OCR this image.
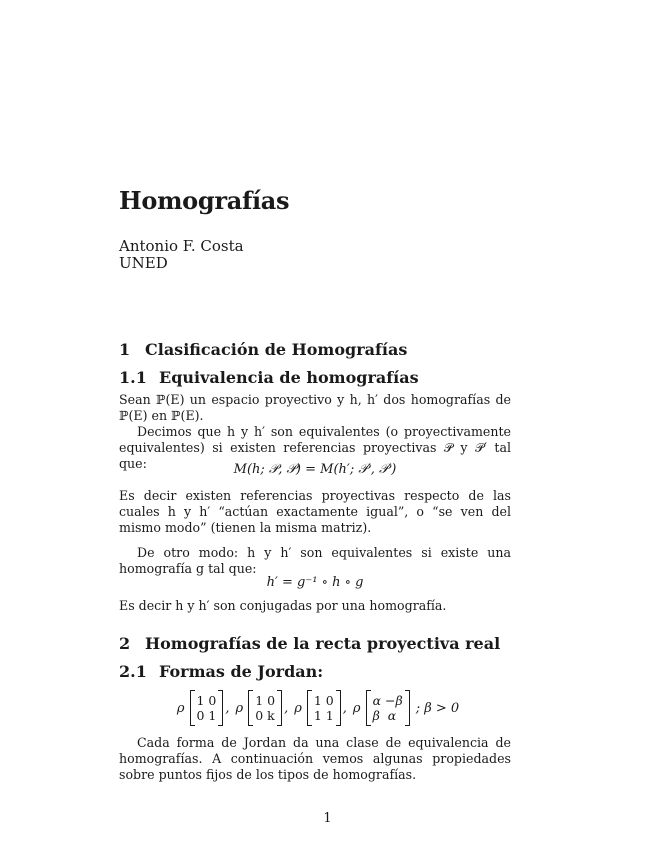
Homografías
Antonio F. Costa
UNED
1 Clasificación de Homografías
1.1 Equivalencia de homografías

Sean ℙ(E) un espacio proyectivo y h, h′ dos homografías de ℙ(E) en ℙ(E).

Decimos que h y h′ son equivalentes (o proyectivamente equivalentes) si existen referencias proyectivas 𝒫 y 𝒫′ tal que:	M(h; 𝒫, 𝒫) = M(h′; 𝒫′, 𝒫′)

Es decir existen referencias proyectivas respecto de las cuales h y h′ “actúan exactamente igual”, o “se ven del mismo modo” (tienen la misma matriz).

De otro modo: h y h′ son equivalentes si existe una homografía g tal que:

h′ = g⁻¹ ∘ h ∘ g

Es decir h y h′ son conjugadas por una homografía.

2 Homografías de la recta proyectiva real
2.1 Formas de Jordan:
ρ 1 0
0 1 , ρ 1 0
0 k , ρ 1 0
1 1 , ρ α −β
β  α	; β > 0

Cada forma de Jordan da una clase de equivalencia de homografías. A continuación vemos algunas propiedades sobre puntos fijos de los tipos de homografías.

1
